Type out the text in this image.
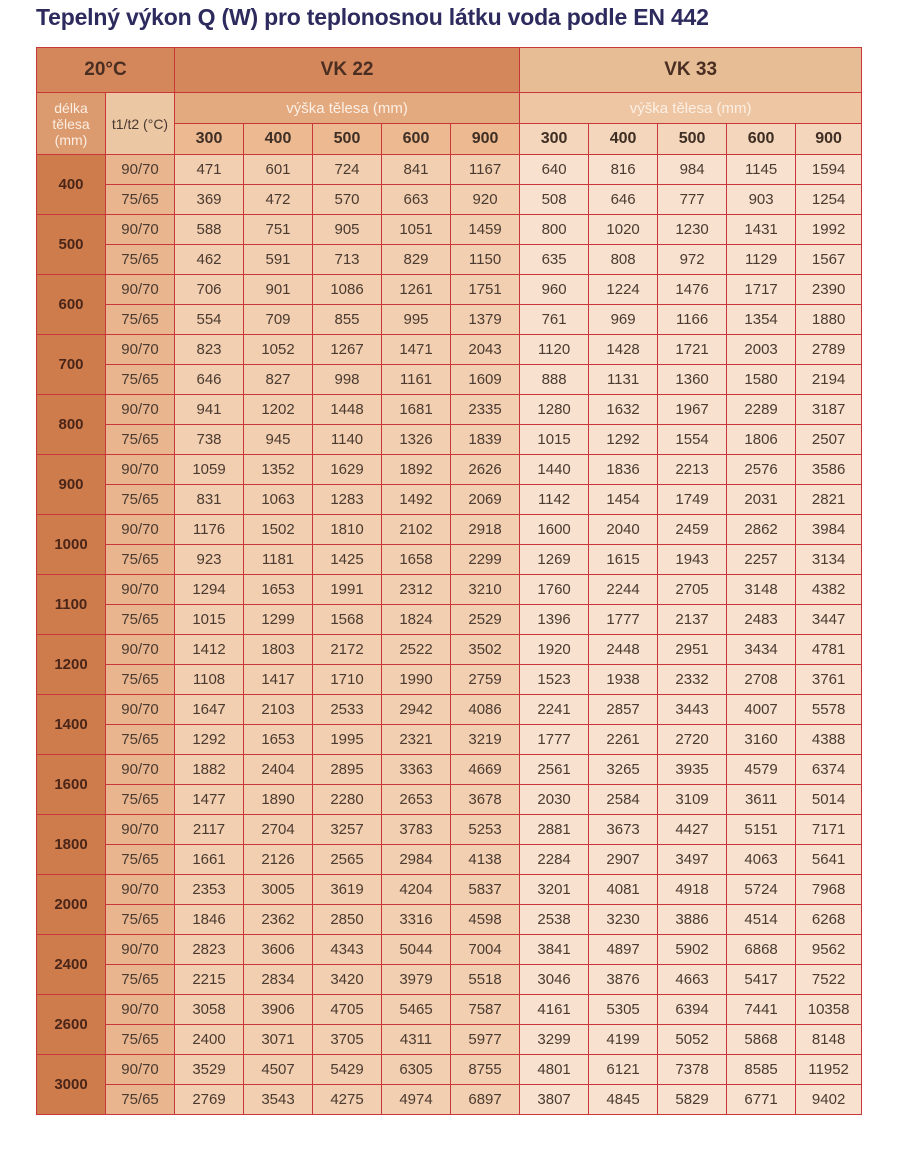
Tepelný výkon Q (W) pro teplonosnou látku voda podle EN 442
20°C		VK 22					VK 33				
délka tělesa (mm)	t1/t2 (°C)	výška tělesa (mm)					výška tělesa (mm)				
		300	400	500	600	900	300	400	500	600	900
400	90/70	471	601	724	841	1167	640	816	984	1145	1594
	75/65	369	472	570	663	920	508	646	777	903	1254
500	90/70	588	751	905	1051	1459	800	1020	1230	1431	1992
	75/65	462	591	713	829	1150	635	808	972	1129	1567
600	90/70	706	901	1086	1261	1751	960	1224	1476	1717	2390
	75/65	554	709	855	995	1379	761	969	1166	1354	1880
700	90/70	823	1052	1267	1471	2043	1120	1428	1721	2003	2789
	75/65	646	827	998	1161	1609	888	1131	1360	1580	2194
800	90/70	941	1202	1448	1681	2335	1280	1632	1967	2289	3187
	75/65	738	945	1140	1326	1839	1015	1292	1554	1806	2507
900	90/70	1059	1352	1629	1892	2626	1440	1836	2213	2576	3586
	75/65	831	1063	1283	1492	2069	1142	1454	1749	2031	2821
1000	90/70	1176	1502	1810	2102	2918	1600	2040	2459	2862	3984
	75/65	923	1181	1425	1658	2299	1269	1615	1943	2257	3134
1100	90/70	1294	1653	1991	2312	3210	1760	2244	2705	3148	4382
	75/65	1015	1299	1568	1824	2529	1396	1777	2137	2483	3447
1200	90/70	1412	1803	2172	2522	3502	1920	2448	2951	3434	4781
	75/65	1108	1417	1710	1990	2759	1523	1938	2332	2708	3761
1400	90/70	1647	2103	2533	2942	4086	2241	2857	3443	4007	5578
	75/65	1292	1653	1995	2321	3219	1777	2261	2720	3160	4388
1600	90/70	1882	2404	2895	3363	4669	2561	3265	3935	4579	6374
	75/65	1477	1890	2280	2653	3678	2030	2584	3109	3611	5014
1800	90/70	2117	2704	3257	3783	5253	2881	3673	4427	5151	7171
	75/65	1661	2126	2565	2984	4138	2284	2907	3497	4063	5641
2000	90/70	2353	3005	3619	4204	5837	3201	4081	4918	5724	7968
	75/65	1846	2362	2850	3316	4598	2538	3230	3886	4514	6268
2400	90/70	2823	3606	4343	5044	7004	3841	4897	5902	6868	9562
	75/65	2215	2834	3420	3979	5518	3046	3876	4663	5417	7522
2600	90/70	3058	3906	4705	5465	7587	4161	5305	6394	7441	10358
	75/65	2400	3071	3705	4311	5977	3299	4199	5052	5868	8148
3000	90/70	3529	4507	5429	6305	8755	4801	6121	7378	8585	11952
	75/65	2769	3543	4275	4974	6897	3807	4845	5829	6771	9402
